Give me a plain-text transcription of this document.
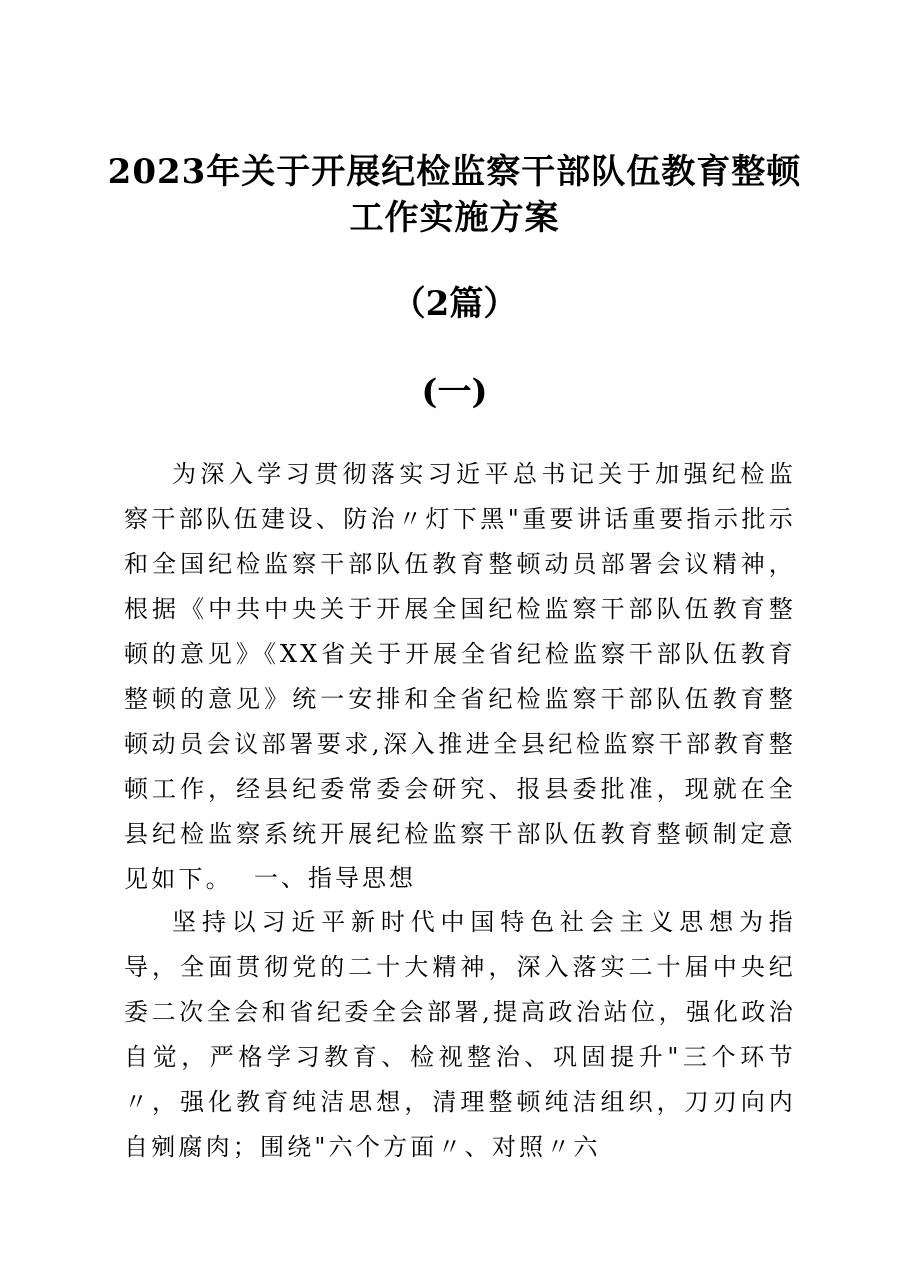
2023年关于开展纪检监察干部队伍教育整顿
工作实施方案
（2篇）
(一)
为深入学习贯彻落实习近平总书记关于加强纪检监察干部队伍建设、防治〃灯下黑"重要讲话重要指示批示和全国纪检监察干部队伍教育整顿动员部署会议精神，根据《中共中央关于开展全国纪检监察干部队伍教育整顿的意见》《XX省关于开展全省纪检监察干部队伍教育整顿的意见》统一安排和全省纪检监察干部队伍教育整顿动员会议部署要求,深入推进全县纪检监察干部教育整顿工作，经县纪委常委会研究、报县委批准，现就在全县纪检监察系统开展纪检监察干部队伍教育整顿制定意见如下。 一、指导思想
坚持以习近平新时代中国特色社会主义思想为指导，全面贯彻党的二十大精神，深入落实二十届中央纪委二次全会和省纪委全会部署,提高政治站位，强化政治自觉，严格学习教育、检视整治、巩固提升"三个环节〃，强化教育纯洁思想，清理整顿纯洁组织，刀刃向内自剜腐肉；围绕"六个方面〃、对照〃六
